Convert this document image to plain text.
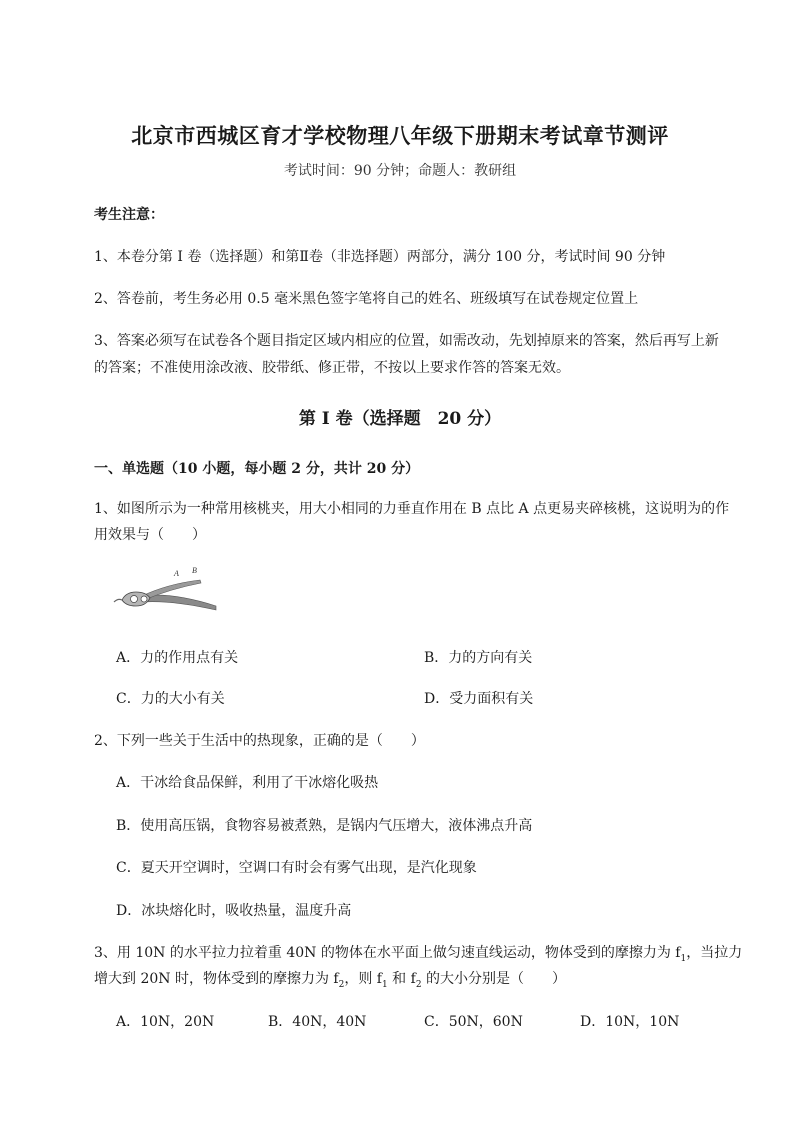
北京市西城区育才学校物理八年级下册期末考试章节测评
考试时间：90 分钟；命题人：教研组
考生注意：
1、本卷分第 I 卷（选择题）和第Ⅱ卷（非选择题）两部分，满分 100 分，考试时间 90 分钟
2、答卷前，考生务必用 0.5 毫米黑色签字笔将自己的姓名、班级填写在试卷规定位置上
3、答案必须写在试卷各个题目指定区域内相应的位置，如需改动，先划掉原来的答案，然后再写上新
的答案；不准使用涂改液、胶带纸、修正带，不按以上要求作答的答案无效。
第 I 卷（选择题　20 分）
一、单选题（10 小题，每小题 2 分，共计 20 分）
1、如图所示为一种常用核桃夹，用大小相同的力垂直作用在 B 点比 A 点更易夹碎核桃，这说明为的作
用效果与（　　）
A B
A．力的作用点有关	B．力的方向有关
C．力的大小有关	D．受力面积有关
2、下列一些关于生活中的热现象，正确的是（　　）
A．干冰给食品保鲜，利用了干冰熔化吸热
B．使用高压锅，食物容易被煮熟，是锅内气压增大，液体沸点升高
C．夏天开空调时，空调口有时会有雾气出现，是汽化现象
D．冰块熔化时，吸收热量，温度升高
3、用 10N 的水平拉力拉着重 40N 的物体在水平面上做匀速直线运动，物体受到的摩擦力为 $f_1$，当拉力
增大到 20N 时，物体受到的摩擦力为 $f_2$，则 $f_1$ 和 $f_2$ 的大小分别是（　　）
A．10N，20N	B．40N，40N	C．50N，60N	D．10N，10N
